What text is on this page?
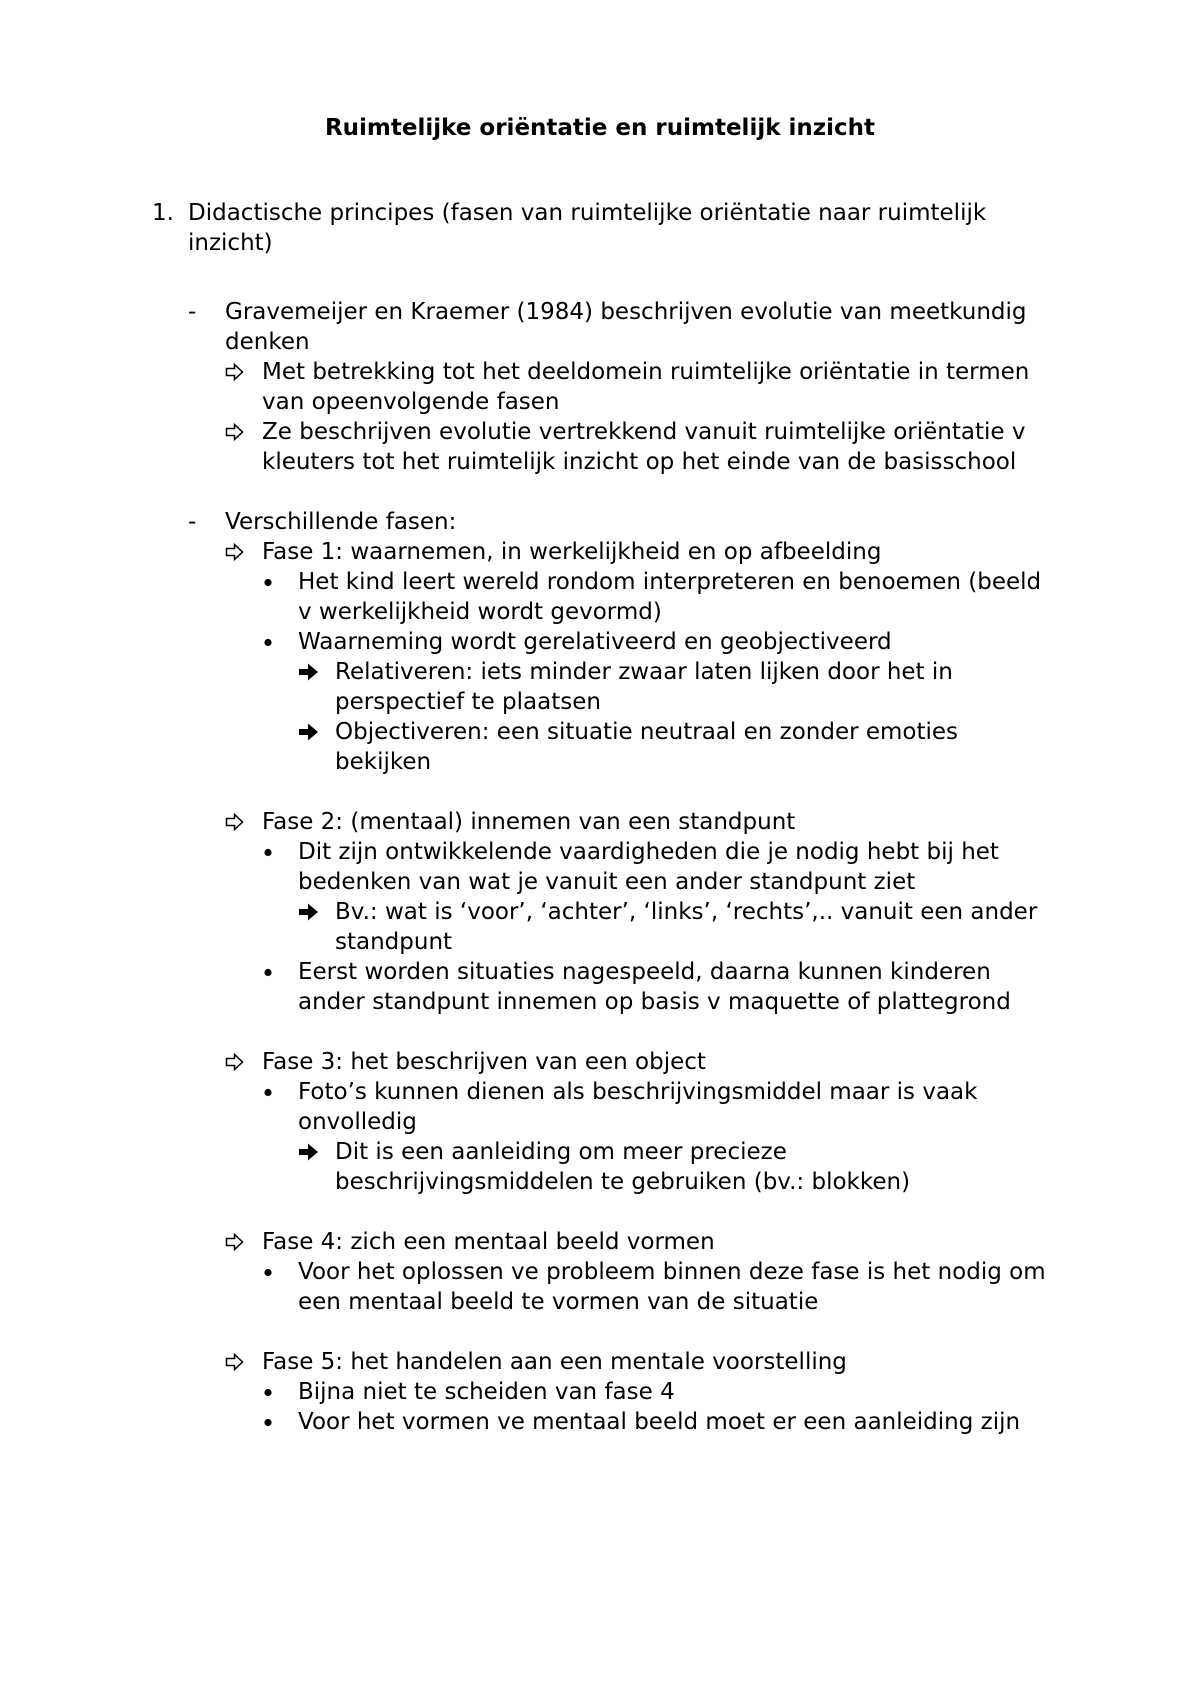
Ruimtelijke oriëntatie en ruimtelijk inzicht
1. Didactische principes (fasen van ruimtelijke oriëntatie naar ruimtelijk
inzicht)
- Gravemeijer en Kraemer (1984) beschrijven evolutie van meetkundig
denken
Met betrekking tot het deeldomein ruimtelijke oriëntatie in termen
van opeenvolgende fasen
Ze beschrijven evolutie vertrekkend vanuit ruimtelijke oriëntatie v
kleuters tot het ruimtelijk inzicht op het einde van de basisschool
- Verschillende fasen:
Fase 1: waarnemen, in werkelijkheid en op afbeelding
Het kind leert wereld rondom interpreteren en benoemen (beeld
v werkelijkheid wordt gevormd)
Waarneming wordt gerelativeerd en geobjectiveerd
Relativeren: iets minder zwaar laten lijken door het in
perspectief te plaatsen
Objectiveren: een situatie neutraal en zonder emoties
bekijken
Fase 2: (mentaal) innemen van een standpunt
Dit zijn ontwikkelende vaardigheden die je nodig hebt bij het
bedenken van wat je vanuit een ander standpunt ziet
Bv.: wat is ‘voor’, ‘achter’, ‘links’, ‘rechts’,.. vanuit een ander
standpunt
Eerst worden situaties nagespeeld, daarna kunnen kinderen
ander standpunt innemen op basis v maquette of plattegrond
Fase 3: het beschrijven van een object
Foto’s kunnen dienen als beschrijvingsmiddel maar is vaak
onvolledig
Dit is een aanleiding om meer precieze
beschrijvingsmiddelen te gebruiken (bv.: blokken)
Fase 4: zich een mentaal beeld vormen
Voor het oplossen ve probleem binnen deze fase is het nodig om
een mentaal beeld te vormen van de situatie
Fase 5: het handelen aan een mentale voorstelling
Bijna niet te scheiden van fase 4
Voor het vormen ve mentaal beeld moet er een aanleiding zijn
